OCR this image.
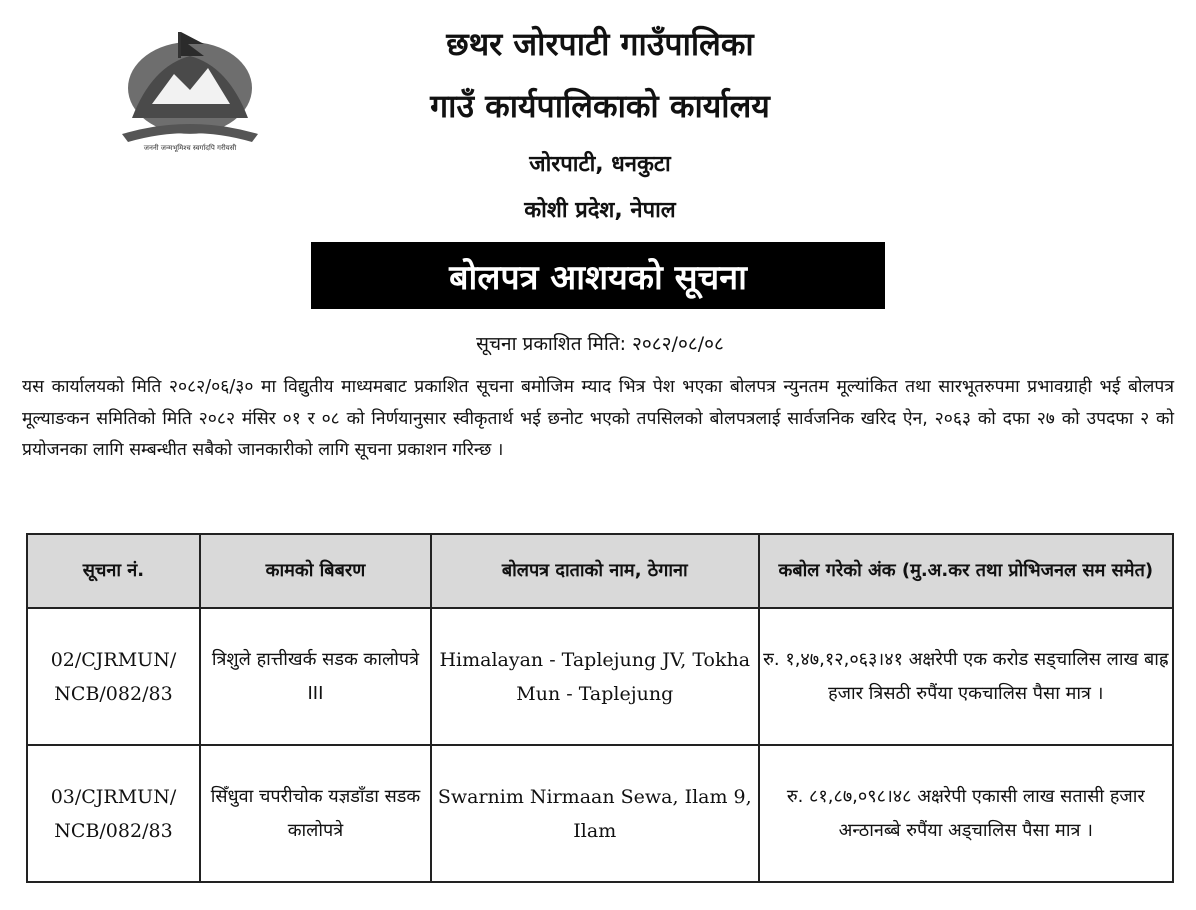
जननी जन्मभूमिश्च स्वर्गादपि गरीयसी
छथर जोरपाटी गाउँपालिका
गाउँ कार्यपालिकाको कार्यालय
जोरपाटी, धनकुटा
कोशी प्रदेश, नेपाल
बोलपत्र आशयको सूचना
सूचना प्रकाशित मिति: २०८२/०८/०८
यस कार्यालयको मिति २०८२/०६/३० मा विद्युतीय माध्यमबाट प्रकाशित सूचना बमोजिम म्याद भित्र पेश भएका बोलपत्र न्युनतम मूल्यांकित तथा सारभूतरुपमा प्रभावग्राही भई बोलपत्र मूल्याङकन समितिको मिति २०८२ मंसिर ०१ र ०८ को निर्णयानुसार स्वीकृतार्थ भई छनोट भएको तपसिलको बोलपत्रलाई सार्वजनिक खरिद ऐन, २०६३ को दफा २७ को उपदफा २ को प्रयोजनका लागि सम्बन्धीत सबैको जानकारीको लागि सूचना प्रकाशन गरिन्छ ।
सूचना नं.	कामको बिबरण	बोलपत्र दाताको नाम, ठेगाना	कबोल गरेको अंक (मु.अ.कर तथा प्रोभिजनल सम समेत)
02/CJRMUN/ NCB/082/83	त्रिशुले हात्तीखर्क सडक कालोपत्रे III	Himalayan - Taplejung JV, Tokha Mun - Taplejung	रु. १,४७,१२,०६३।४१ अक्षरेपी एक करोड सड्चालिस लाख बाह्र हजार त्रिसठी रुपैंया एकचालिस पैसा मात्र ।
03/CJRMUN/ NCB/082/83	सिँधुवा चपरीचोक यज्ञडाँडा सडक कालोपत्रे	Swarnim Nirmaan Sewa, Ilam 9, Ilam	रु. ८१,८७,०९८।४८ अक्षरेपी एकासी लाख सतासी हजार अन्ठानब्बे रुपैंया अड्चालिस पैसा मात्र ।
